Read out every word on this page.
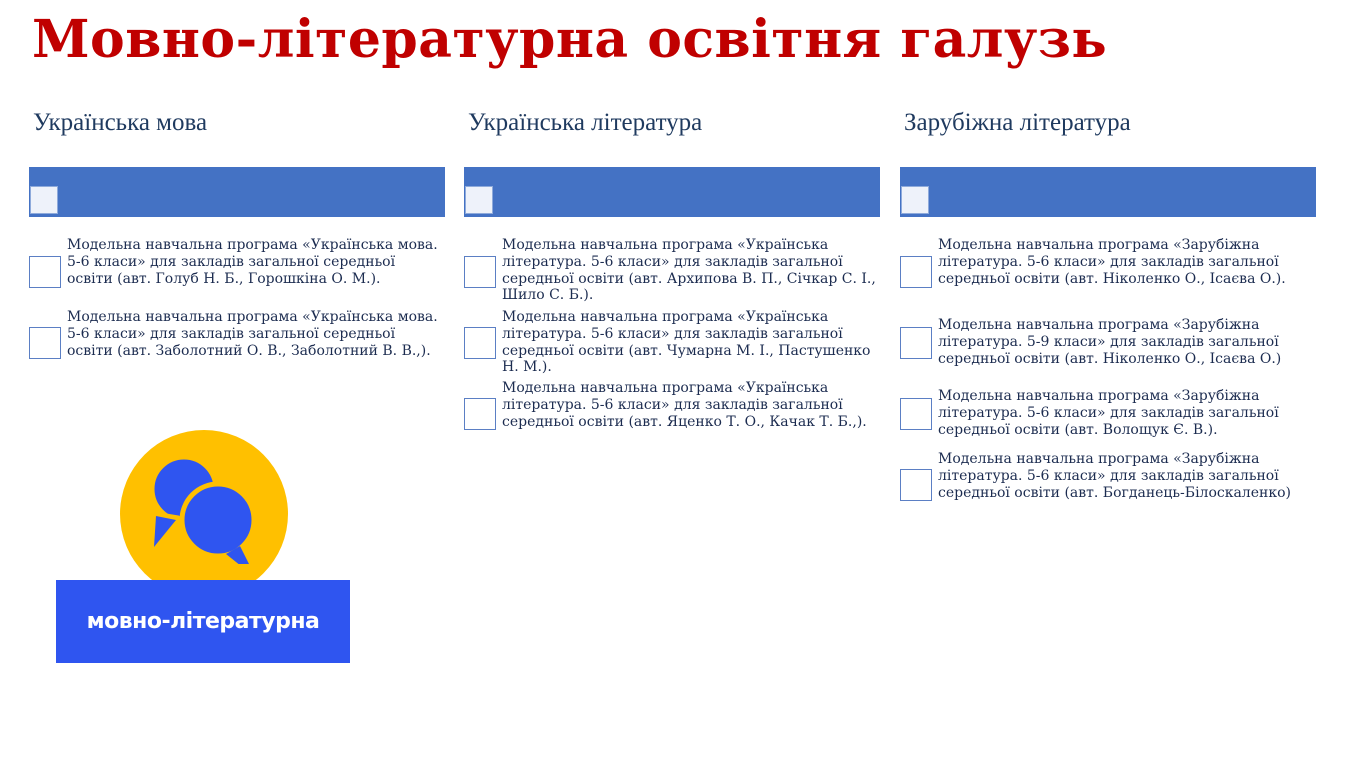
Мовно-літературна освітня галузь
Українська мова
Модельна навчальна програма «Українська мова. 5-6 класи» для закладів загальної середньої освіти (авт. Голуб Н. Б., Горошкіна О. М.).
Модельна навчальна програма «Українська мова. 5-6 класи» для закладів загальної середньої освіти (авт. Заболотний О. В., Заболотний В. В.,).
Українська література
Модельна навчальна програма «Українська література. 5-6 класи» для закладів загальної середньої освіти (авт. Архипова В. П., Січкар С. І., Шило С. Б.).
Модельна навчальна програма «Українська література. 5-6 класи» для закладів загальної середньої освіти (авт. Чумарна М. І., Пастушенко Н. М.).
Модельна навчальна програма «Українська література. 5-6 класи» для закладів загальної середньої освіти (авт. Яценко Т. О., Качак Т. Б.,).
Зарубіжна література
Модельна навчальна програма «Зарубіжна література. 5-6 класи» для закладів загальної середньої освіти (авт. Ніколенко О., Ісаєва О.).
Модельна навчальна програма «Зарубіжна література. 5-9 класи» для закладів загальної середньої освіти (авт. Ніколенко О., Ісаєва О.)
Модельна навчальна програма «Зарубіжна література. 5-6 класи» для закладів загальної середньої освіти (авт. Волощук Є. В.).
Модельна навчальна програма «Зарубіжна література. 5-6 класи» для закладів загальної середньої освіти (авт. Богданець-Білоскаленко)
мовно-літературна
